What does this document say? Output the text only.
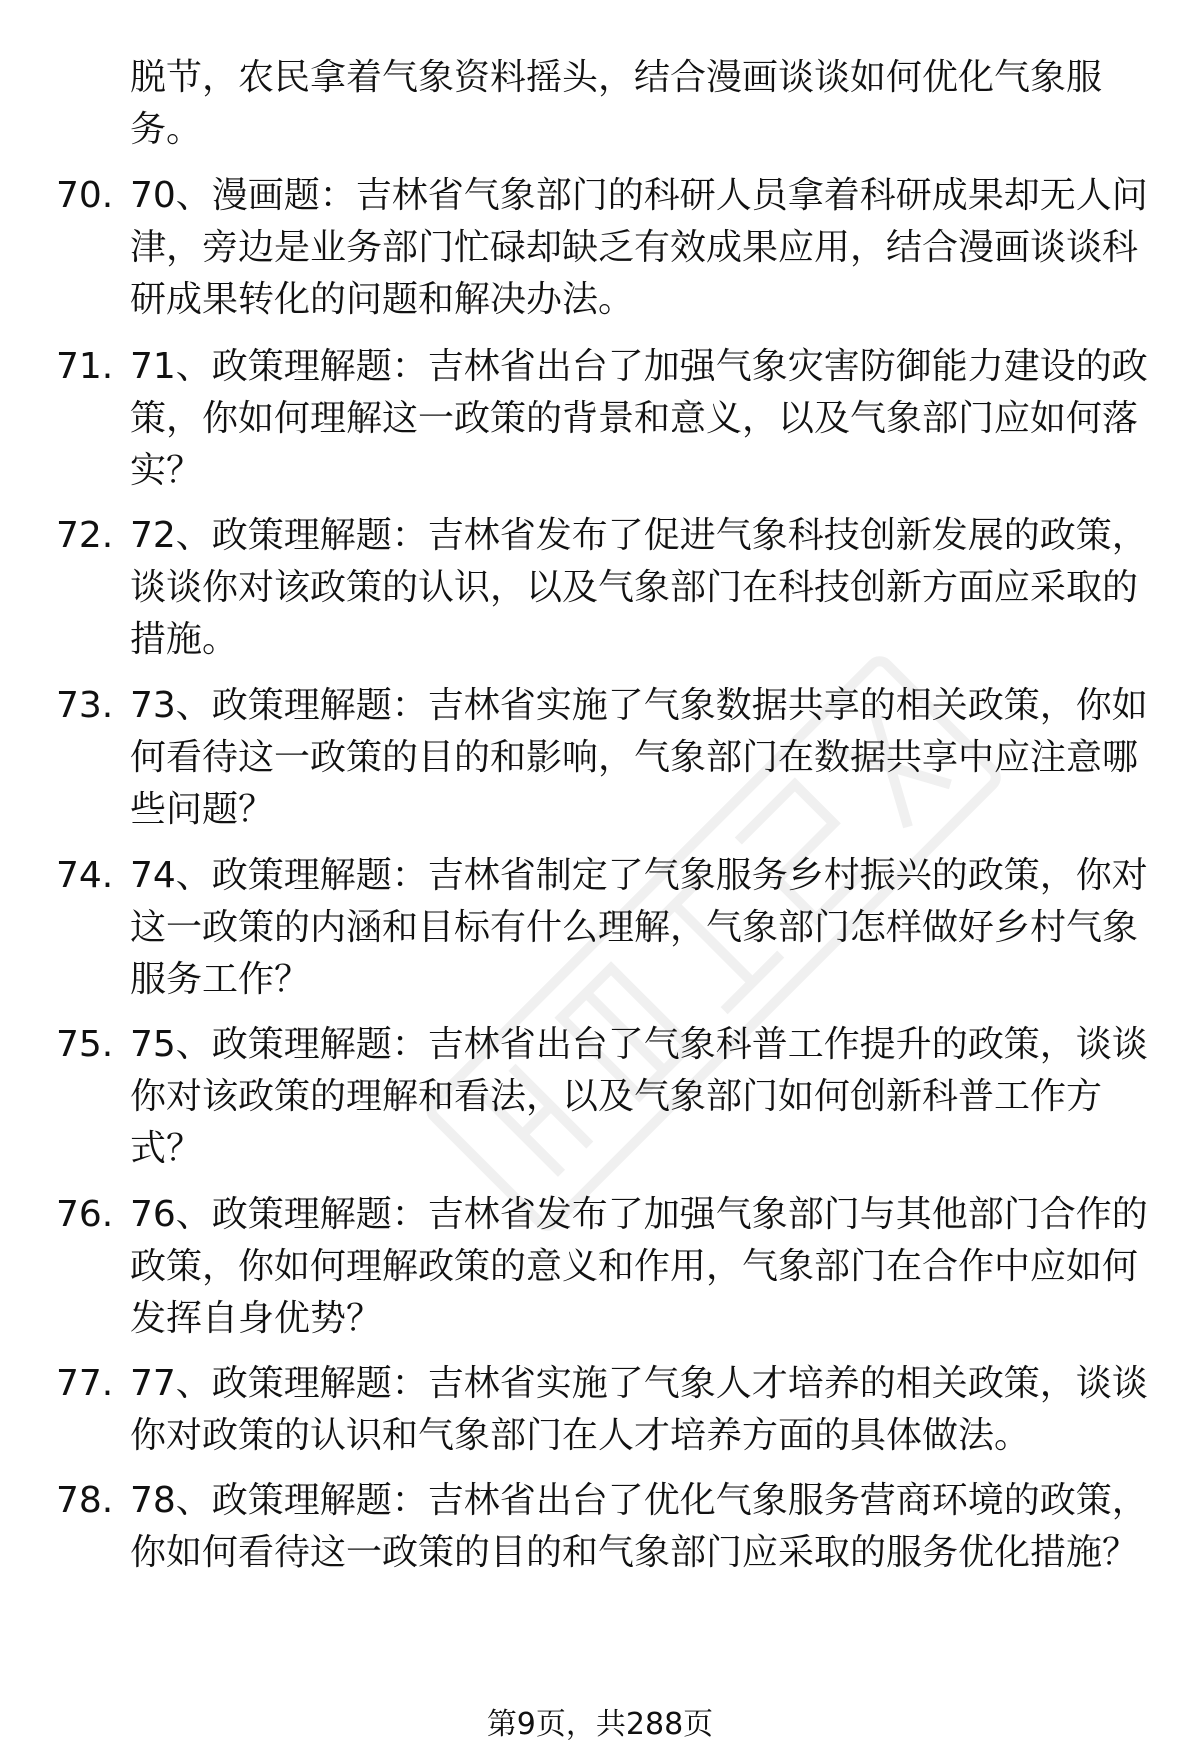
脱节，农民拿着气象资料摇头，结合漫画谈谈如何优化气象服务。
70. 70、漫画题：吉林省气象部门的科研人员拿着科研成果却无人问津，旁边是业务部门忙碌却缺乏有效成果应用，结合漫画谈谈科研成果转化的问题和解决办法。
71. 71、政策理解题：吉林省出台了加强气象灾害防御能力建设的政策，你如何理解这一政策的背景和意义，以及气象部门应如何落实？
72. 72、政策理解题：吉林省发布了促进气象科技创新发展的政策，谈谈你对该政策的认识，以及气象部门在科技创新方面应采取的措施。
73. 73、政策理解题：吉林省实施了气象数据共享的相关政策，你如何看待这一政策的目的和影响，气象部门在数据共享中应注意哪些问题？
74. 74、政策理解题：吉林省制定了气象服务乡村振兴的政策，你对这一政策的内涵和目标有什么理解，气象部门怎样做好乡村气象服务工作？
75. 75、政策理解题：吉林省出台了气象科普工作提升的政策，谈谈你对该政策的理解和看法，以及气象部门如何创新科普工作方式？
76. 76、政策理解题：吉林省发布了加强气象部门与其他部门合作的政策，你如何理解政策的意义和作用，气象部门在合作中应如何发挥自身优势？
77. 77、政策理解题：吉林省实施了气象人才培养的相关政策，谈谈你对政策的认识和气象部门在人才培养方面的具体做法。
78. 78、政策理解题：吉林省出台了优化气象服务营商环境的政策，你如何看待这一政策的目的和气象部门应采取的服务优化措施？
第9页，共288页
